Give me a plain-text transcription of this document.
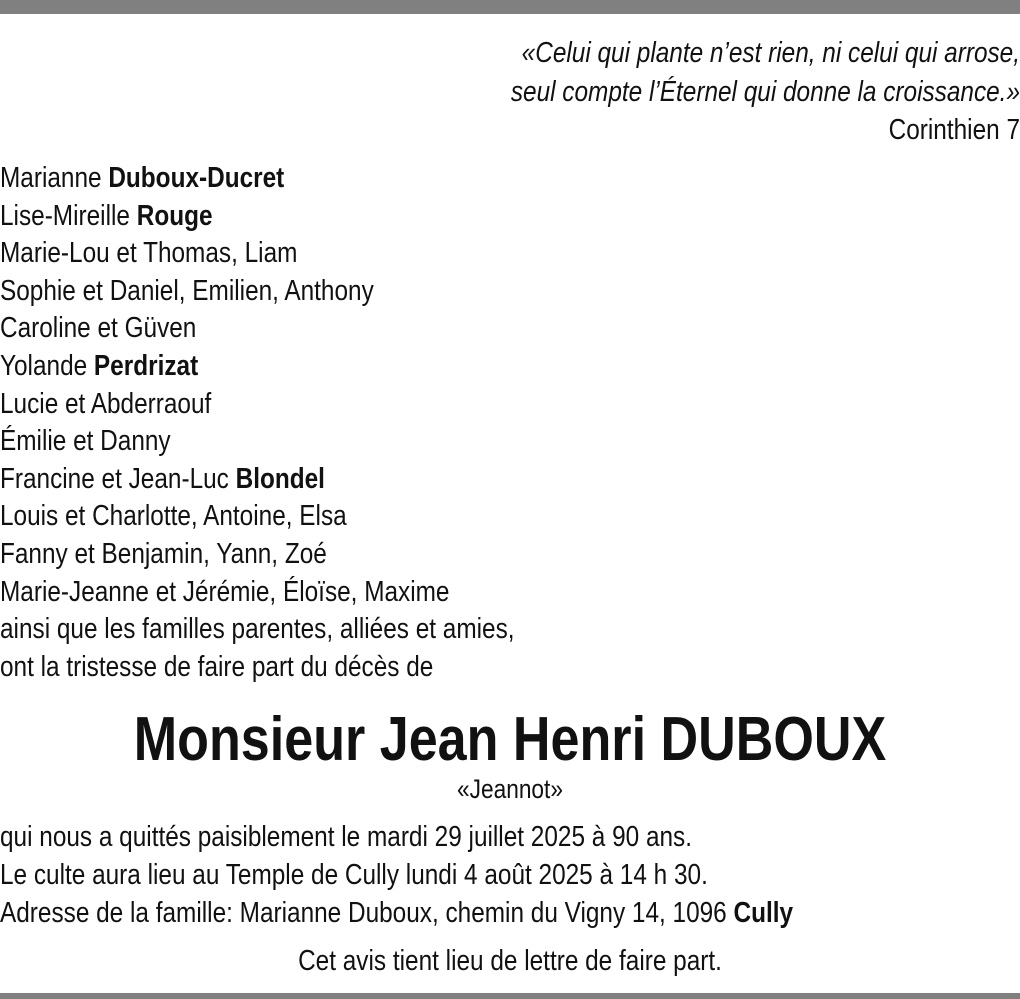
«Celui qui plante n’est rien, ni celui qui arrose,
seul compte l’Éternel qui donne la croissance.»
Corinthien 7
Marianne Duboux-Ducret
Lise-Mireille Rouge
Marie-Lou et Thomas, Liam
Sophie et Daniel, Emilien, Anthony
Caroline et Güven
Yolande Perdrizat
Lucie et Abderraouf
Émilie et Danny
Francine et Jean-Luc Blondel
Louis et Charlotte, Antoine, Elsa
Fanny et Benjamin, Yann, Zoé
Marie-Jeanne et Jérémie, Éloïse, Maxime
ainsi que les familles parentes, alliées et amies,
ont la tristesse de faire part du décès de
Monsieur Jean Henri DUBOUX
«Jeannot»
qui nous a quittés paisiblement le mardi 29 juillet 2025 à 90 ans.
Le culte aura lieu au Temple de Cully lundi 4 août 2025 à 14 h 30.
Adresse de la famille: Marianne Duboux, chemin du Vigny 14, 1096 Cully
Cet avis tient lieu de lettre de faire part.
